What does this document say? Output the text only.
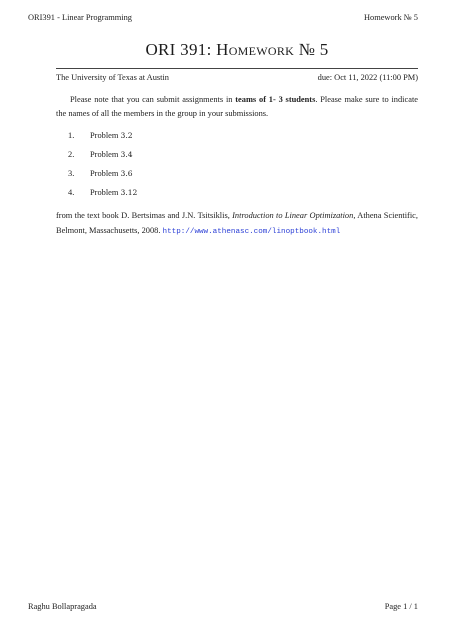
ORI391 - Linear Programming	Homework № 5
ORI 391: Homework № 5
The University of Texas at Austin	due: Oct 11, 2022 (11:00 PM)

Please note that you can submit assignments in teams of 1- 3 students. Please make sure to indicate the names of all the members in the group in your submissions.

1.	Problem
3.2
2.	Problem
3.4
3.	Problem
3.6
4.	Problem
3.12

from the text book D. Bertsimas and J.N. Tsitsiklis, Introduction to Linear Optimization, Athena Scientific, Belmont, Massachusetts, 2008. http://www.athenasc.com/linoptbook.html

Raghu Bollapragada	Page 1 / 1
